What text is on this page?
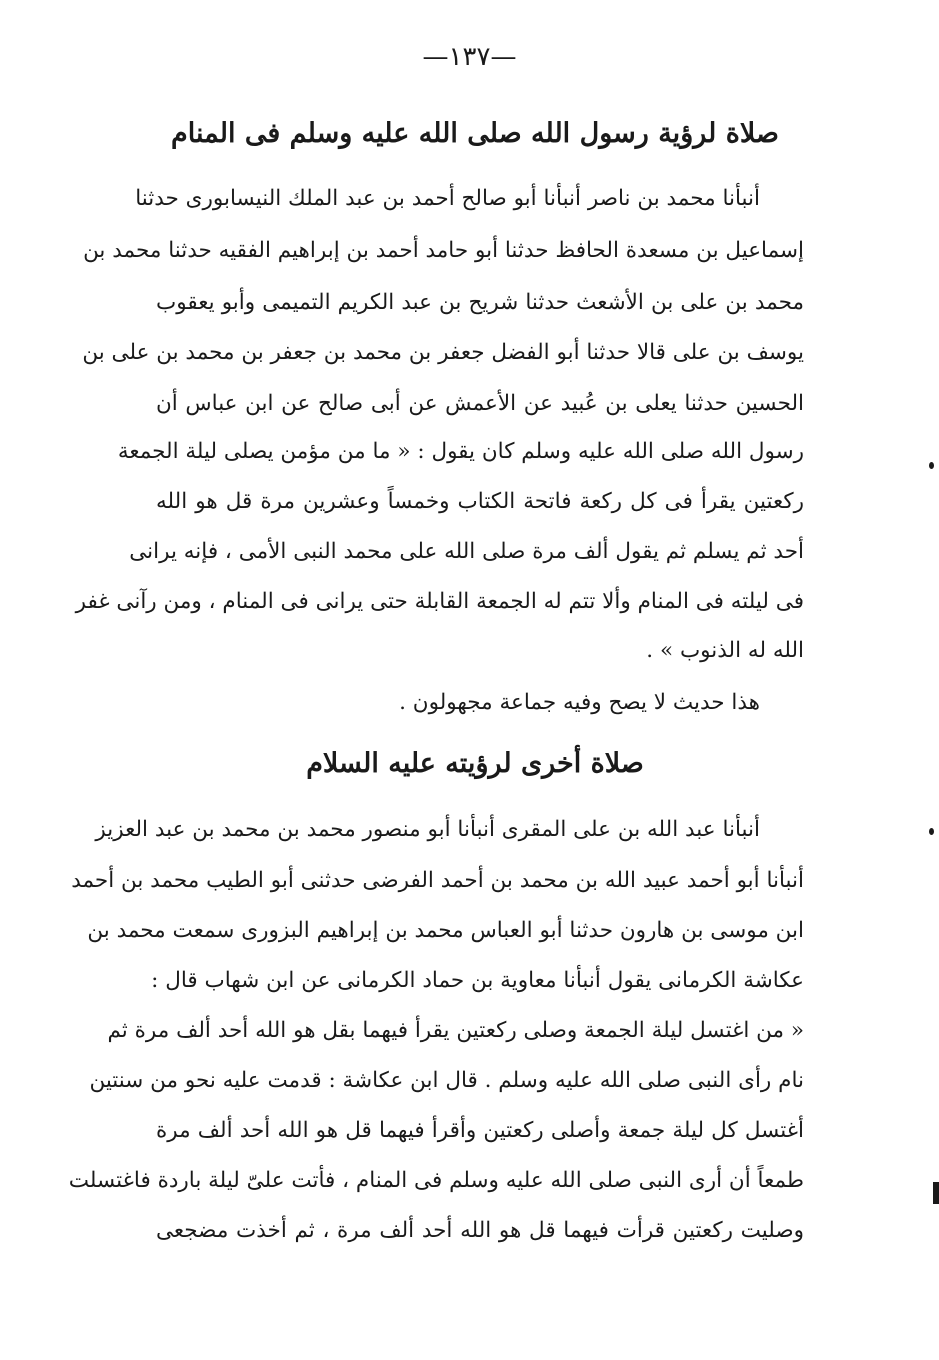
—١٣٧—
صلاة لرؤية رسول الله صلى الله عليه وسلم فى المنام
أنبأنا محمد بن ناصر أنبأنا أبو صالح أحمد بن عبد الملك النيسابورى حدثنا
إسماعيل بن مسعدة الحافظ حدثنا أبو حامد أحمد بن إبراهيم الفقيه حدثنا محمد بن
محمد بن على بن الأشعث حدثنا شريح بن عبد الكريم التميمى وأبو يعقوب
يوسف بن على قالا حدثنا أبو الفضل جعفر بن محمد بن جعفر بن محمد بن على بن
الحسين حدثنا يعلى بن عُبيد عن الأعمش عن أبى صالح عن ابن عباس أن
رسول الله صلى الله عليه وسلم كان يقول : « ما من مؤمن يصلى ليلة الجمعة
ركعتين يقرأ فى كل ركعة فاتحة الكتاب وخمساً وعشرين مرة قل هو الله
أحد ثم يسلم ثم يقول ألف مرة صلى الله على محمد النبى الأمى ، فإنه يرانى
فى ليلته فى المنام وألا تتم له الجمعة القابلة حتى يرانى فى المنام ، ومن رآنى غفر
الله له الذنوب » .
هذا حديث لا يصح وفيه جماعة مجهولون .
صلاة أخرى لرؤيته عليه السلام
أنبأنا عبد الله بن على المقرى أنبأنا أبو منصور محمد بن محمد بن عبد العزيز
أنبأنا أبو أحمد عبيد الله بن محمد بن أحمد الفرضى حدثنى أبو الطيب محمد بن أحمد
ابن موسى بن هارون حدثنا أبو العباس محمد بن إبراهيم البزورى سمعت محمد بن
عكاشة الكرمانى يقول أنبأنا معاوية بن حماد الكرمانى عن ابن شهاب قال :
« من اغتسل ليلة الجمعة وصلى ركعتين يقرأ فيهما بقل هو الله أحد ألف مرة ثم
نام رأى النبى صلى الله عليه وسلم . قال ابن عكاشة : قدمت عليه نحو من سنتين
أغتسل كل ليلة جمعة وأصلى ركعتين وأقرأ فيهما قل هو الله أحد ألف مرة
طمعاً أن أرى النبى صلى الله عليه وسلم فى المنام ، فأتت علىّ ليلة باردة فاغتسلت
وصليت ركعتين قرأت فيهما قل هو الله أحد ألف مرة ، ثم أخذت مضجعى
